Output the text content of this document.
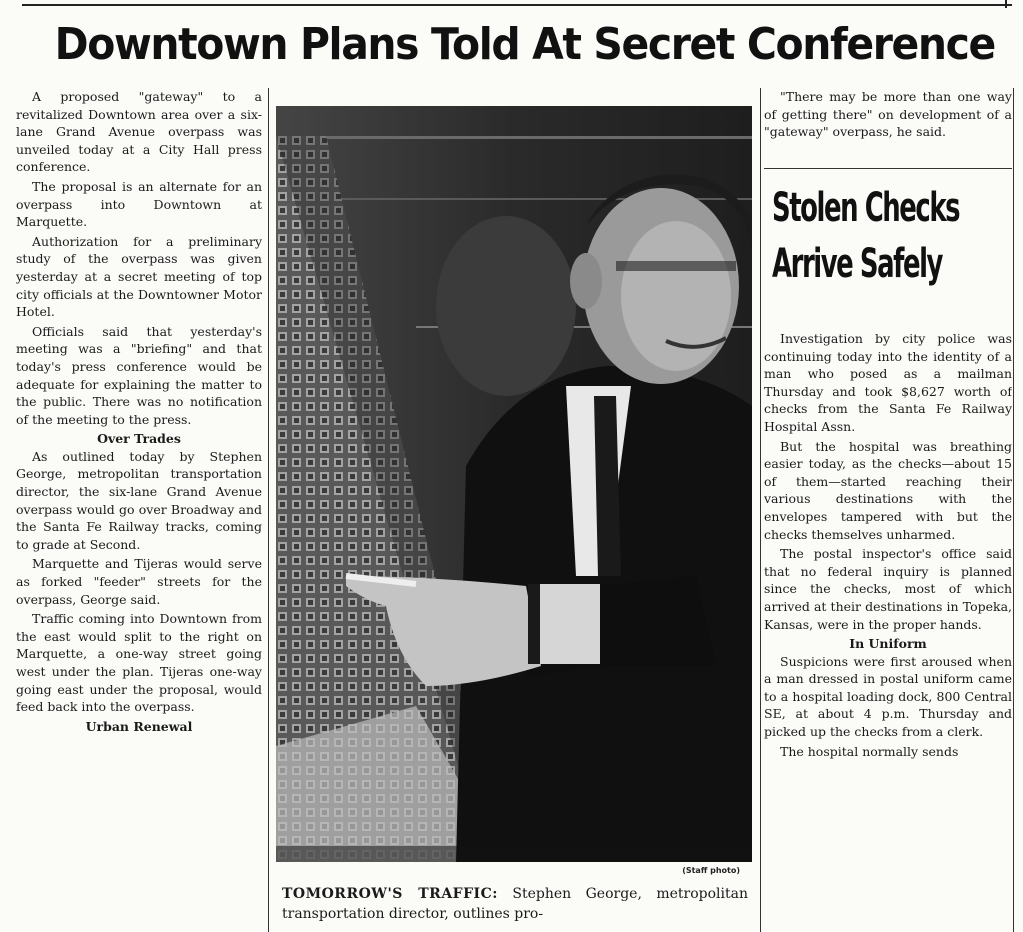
Downtown Plans Told At Secret Conference

A proposed "gateway" to a revitalized Downtown area over a six-lane Grand Avenue overpass was unveiled today at a City Hall press conference.

The proposal is an alternate for an overpass into Downtown at Marquette.

Authorization for a preliminary study of the overpass was given yesterday at a secret meeting of top city officials at the Downtowner Motor Hotel.

Officials said that yesterday's meeting was a "briefing" and that today's press conference would be adequate for explaining the matter to the public. There was no notification of the meeting to the press.

Over Trades

As outlined today by Stephen George, metropolitan transportation director, the six-lane Grand Avenue overpass would go over Broadway and the Santa Fe Railway tracks, coming to grade at Second.

Marquette and Tijeras would serve as forked "feeder" streets for the overpass, George said.

Traffic coming into Downtown from the east would split to the right on Marquette, a one-way street going west under the plan. Tijeras one-way going east under the proposal, would feed back into the overpass.

Urban Renewal

(Staff photo)
TOMORROW'S TRAFFIC: Stephen George, metropolitan transportation director, outlines pro-

"There may be more than one way of getting there" on development of a "gateway" overpass, he said.

Stolen Checks
Arrive Safely

Investigation by city police was continuing today into the identity of a man who posed as a mailman Thursday and took $8,627 worth of checks from the Santa Fe Railway Hospital Assn.

But the hospital was breathing easier today, as the checks—about 15 of them—started reaching their various destinations with the envelopes tampered with but the checks themselves unharmed.

The postal inspector's office said that no federal inquiry is planned since the checks, most of which arrived at their destinations in Topeka, Kansas, were in the proper hands.

In Uniform

Suspicions were first aroused when a man dressed in postal uniform came to a hospital loading dock, 800 Central SE, at about 4 p.m. Thursday and picked up the checks from a clerk.

The hospital normally sends
